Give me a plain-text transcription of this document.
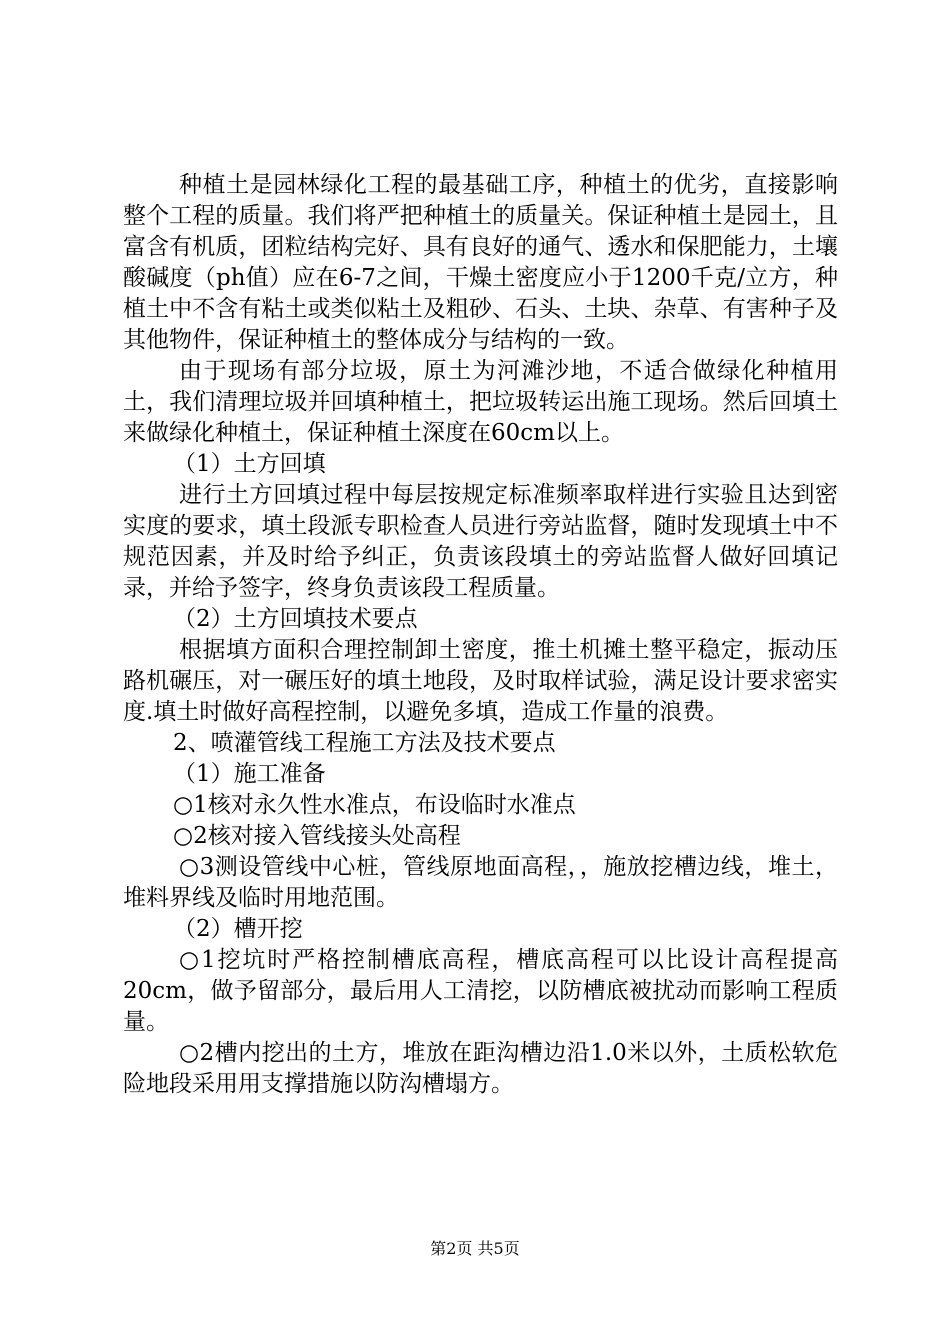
种植土是园林绿化工程的最基础工序，种植土的优劣，直接影响整个工程的质量。我们将严把种植土的质量关。保证种植土是园土，且富含有机质，团粒结构完好、具有良好的通气、透水和保肥能力，土壤酸碱度（ph值）应在6-7之间，干燥土密度应小于1200千克/立方，种植土中不含有粘土或类似粘土及粗砂、石头、土块、杂草、有害种子及其他物件，保证种植土的整体成分与结构的一致。

由于现场有部分垃圾，原土为河滩沙地，不适合做绿化种植用土，我们清理垃圾并回填种植土，把垃圾转运出施工现场。然后回填土来做绿化种植土，保证种植土深度在60cm以上。

（1）土方回填

进行土方回填过程中每层按规定标准频率取样进行实验且达到密实度的要求，填土段派专职检查人员进行旁站监督，随时发现填土中不规范因素，并及时给予纠正，负责该段填土的旁站监督人做好回填记录，并给予签字，终身负责该段工程质量。

（2）土方回填技术要点

根据填方面积合理控制卸土密度，推土机摊土整平稳定，振动压路机碾压，对一碾压好的填土地段，及时取样试验，满足设计要求密实度.填土时做好高程控制，以避免多填，造成工作量的浪费。

2、喷灌管线工程施工方法及技术要点

（1）施工准备

○1核对永久性水准点，布设临时水准点

○2核对接入管线接头处高程

○3测设管线中心桩，管线原地面高程，，施放挖槽边线，堆土，堆料界线及临时用地范围。

（2）槽开挖

○1挖坑时严格控制槽底高程，槽底高程可以比设计高程提高20cm，做予留部分，最后用人工清挖，以防槽底被扰动而影响工程质量。

○2槽内挖出的土方，堆放在距沟槽边沿1.0米以外，土质松软危险地段采用用支撑措施以防沟槽塌方。

第2页 共5页
